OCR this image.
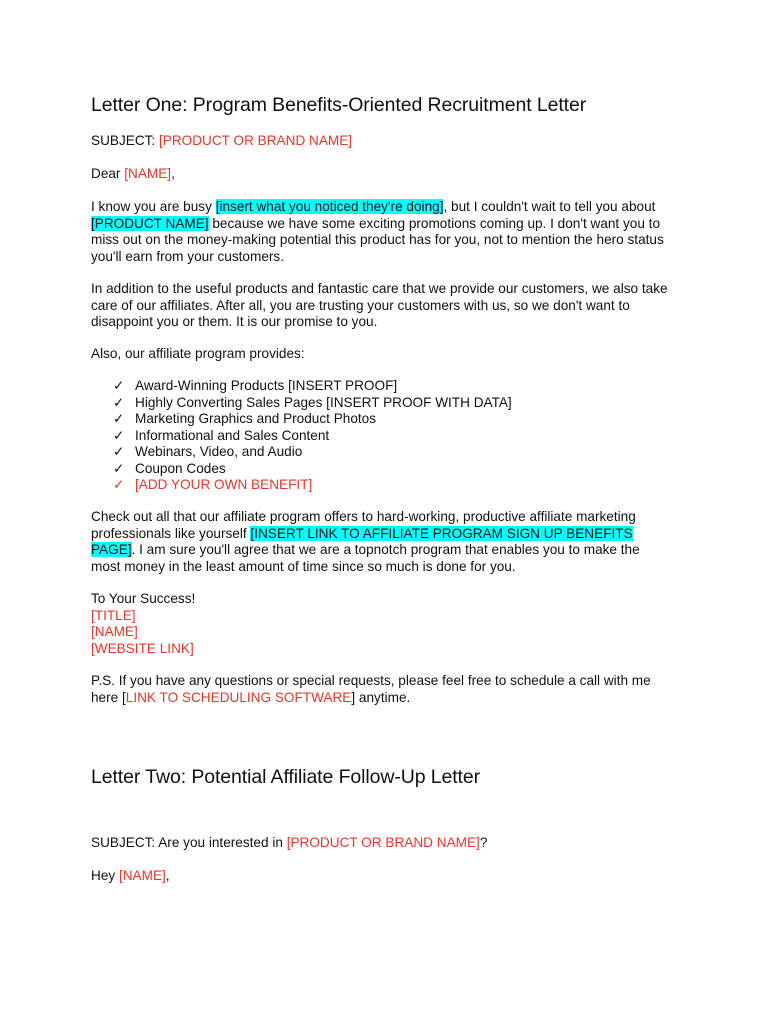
Letter One: Program Benefits-Oriented Recruitment Letter

SUBJECT: [PRODUCT OR BRAND NAME]

Dear [NAME],

I know you are busy [insert what you noticed they're doing], but I couldn't wait to tell you about
[PRODUCT NAME] because we have some exciting promotions coming up. I don't want you to
miss out on the money-making potential this product has for you, not to mention the hero status
you'll earn from your customers.

In addition to the useful products and fantastic care that we provide our customers, we also take
care of our affiliates. After all, you are trusting your customers with us, so we don't want to
disappoint you or them. It is our promise to you.

Also, our affiliate program provides:

✓ Award-Winning Products [INSERT PROOF]
✓ Highly Converting Sales Pages [INSERT PROOF WITH DATA]
✓ Marketing Graphics and Product Photos
✓ Informational and Sales Content
✓ Webinars, Video, and Audio
✓ Coupon Codes
✓ [ADD YOUR OWN BENEFIT]

Check out all that our affiliate program offers to hard-working, productive affiliate marketing
professionals like yourself [INSERT LINK TO AFFILIATE PROGRAM SIGN UP BENEFITS
PAGE]. I am sure you'll agree that we are a topnotch program that enables you to make the
most money in the least amount of time since so much is done for you.

To Your Success!
[TITLE]
[NAME]
[WEBSITE LINK]

P.S. If you have any questions or special requests, please feel free to schedule a call with me
here [LINK TO SCHEDULING SOFTWARE] anytime.

Letter Two: Potential Affiliate Follow-Up Letter

SUBJECT: Are you interested in [PRODUCT OR BRAND NAME]?

Hey [NAME],
